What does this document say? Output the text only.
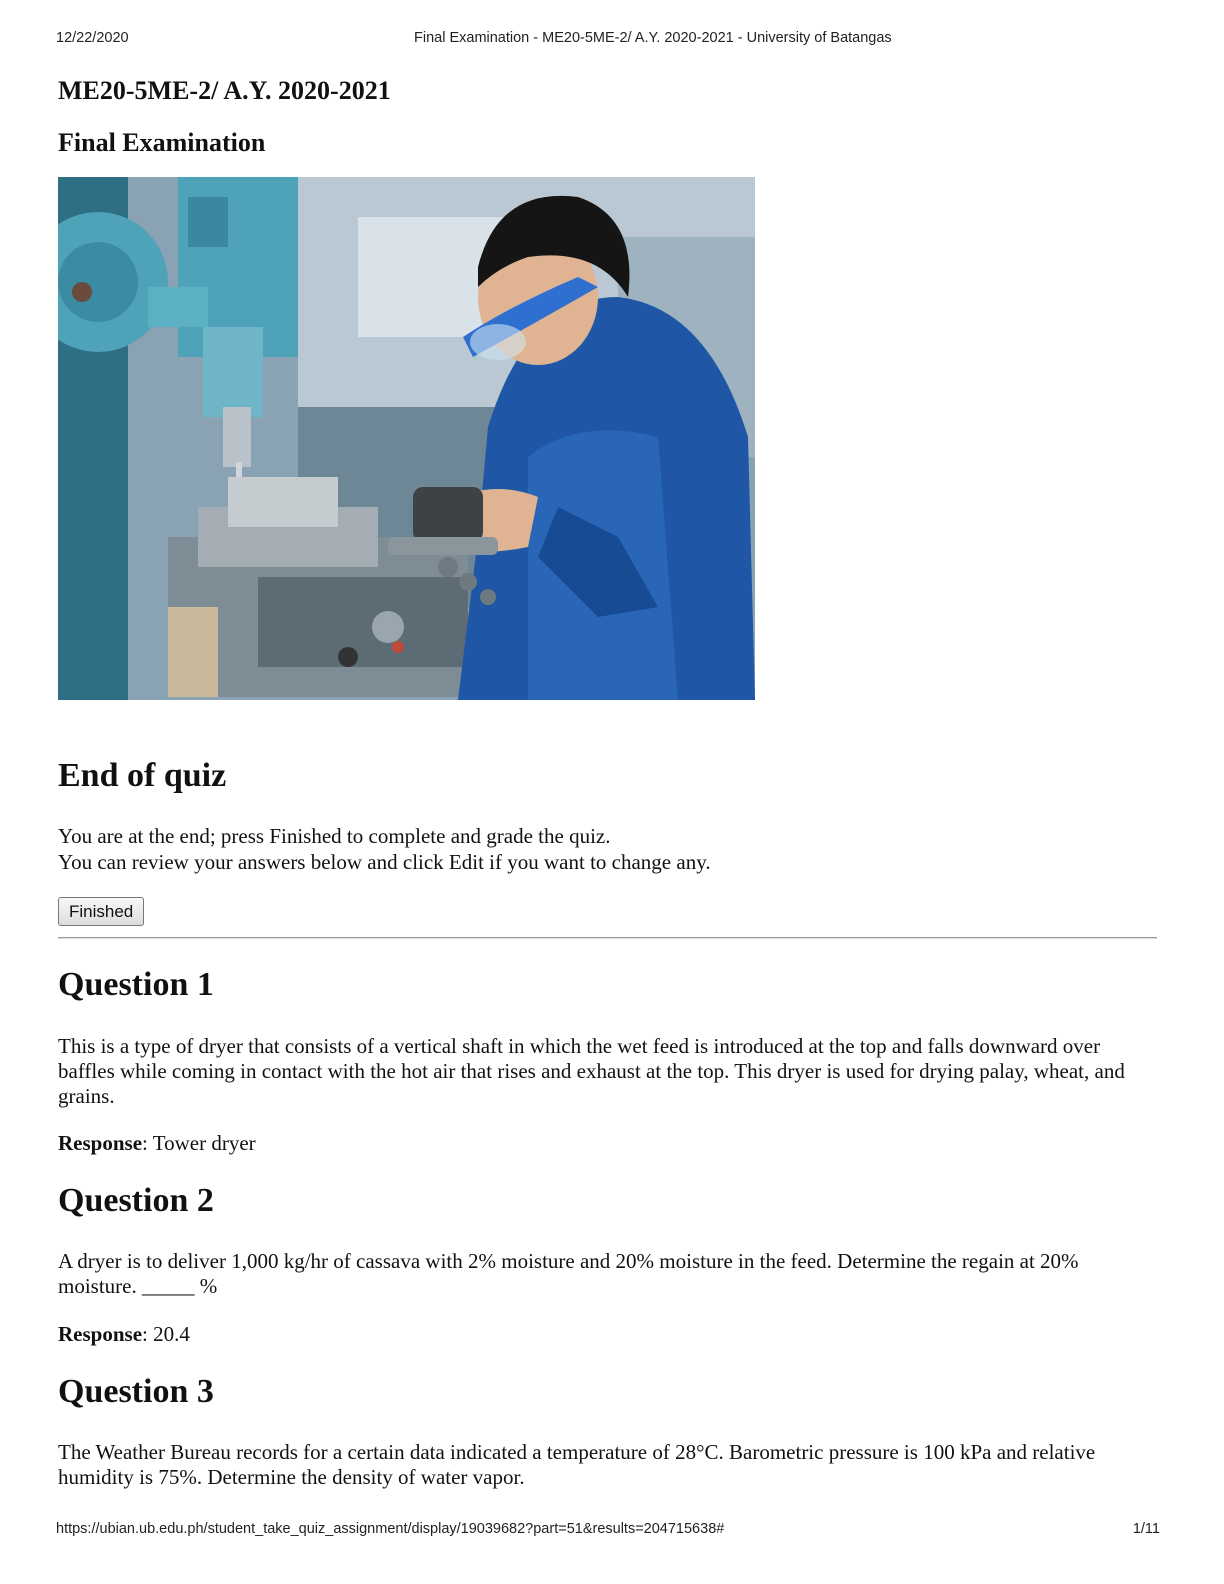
12/22/2020	Final Examination - ME20-5ME-2/ A.Y. 2020-2021 - University of Batangas
ME20-5ME-2/ A.Y. 2020-2021
Final Examination
End of quiz
You are at the end; press Finished to complete and grade the quiz.
You can review your answers below and click Edit if you want to change any.
Finished
Question 1
This is a type of dryer that consists of a vertical shaft in which the wet feed is introduced at the top and falls downward over baffles while coming in contact with the hot air that rises and exhaust at the top. This dryer is used for drying palay, wheat, and grains.
Response: Tower dryer
Question 2
A dryer is to deliver 1,000 kg/hr of cassava with 2% moisture and 20% moisture in the feed. Determine the regain at 20% moisture. _____ %
Response: 20.4
Question 3
The Weather Bureau records for a certain data indicated a temperature of 28°C. Barometric pressure is 100 kPa and relative humidity is 75%. Determine the density of water vapor.
https://ubian.ub.edu.ph/student_take_quiz_assignment/display/19039682?part=51&results=204715638#	1/11
